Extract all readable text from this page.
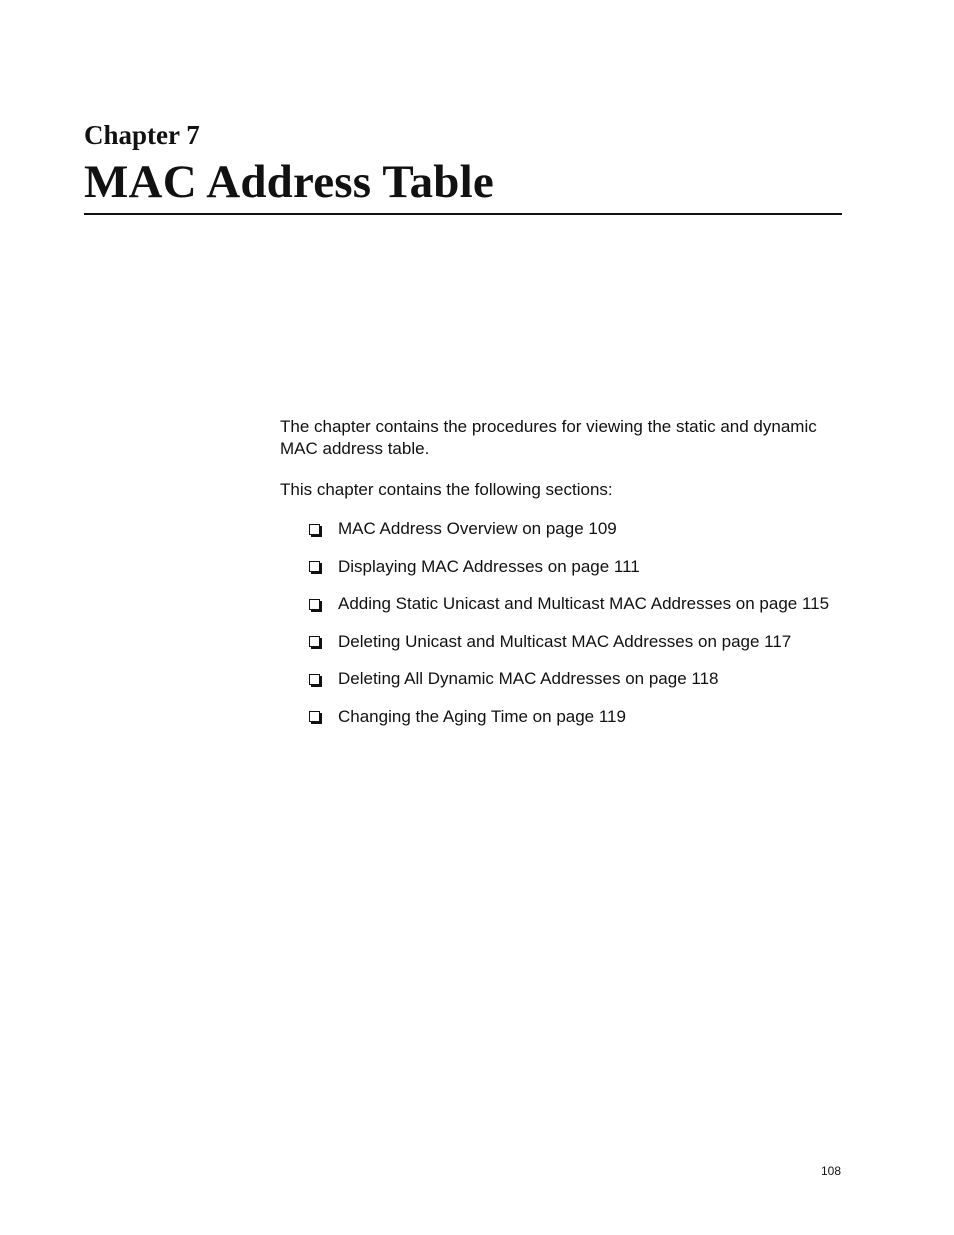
Chapter 7
MAC Address Table

The chapter contains the procedures for viewing the static and dynamic MAC address table.

This chapter contains the following sections:

MAC Address Overview on page 109
Displaying MAC Addresses on page 111
Adding Static Unicast and Multicast MAC Addresses on page 115
Deleting Unicast and Multicast MAC Addresses on page 117
Deleting All Dynamic MAC Addresses on page 118
Changing the Aging Time on page 119

108
